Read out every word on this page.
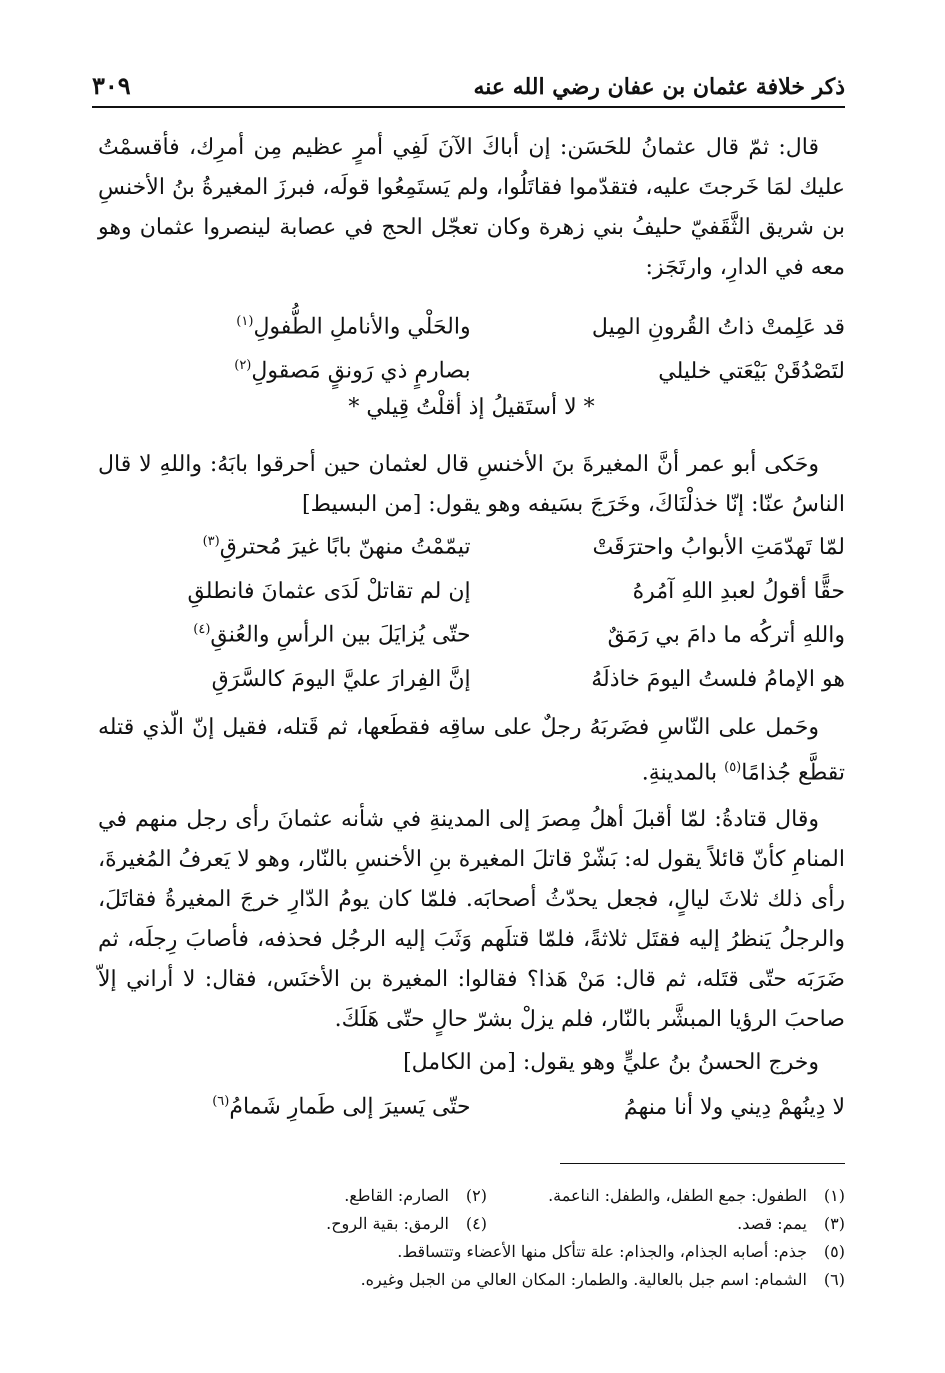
ذكر خلافة عثمان بن عفان رضي الله عنه
٣٠٩

قال: ثمّ قال عثمانُ للحَسَن: إن أباكَ الآنَ لَفِي أمرٍ عظيم مِن أمرِك، فأقسمْتُ عليك لمَا خَرجتَ عليه، فتقدّموا فقاتَلُوا، ولم يَستَمِعُوا قولَه، فبرزَ المغيرةُ بنُ الأخنسِ بن شريق الثَّقَفيّ حليفُ بني زهرة وكان تعجّل الحج في عصابة لينصروا عثمان وهو معه في الدارِ، وارتَجَز:

قد عَلِمتْ ذاتُ القُرونِ المِيل
والحَلْي والأناملِ الطُّفولِ$^{(١)}$
لتَصْدُقَنْ بَيْعَتي خليلي
بصارمٍ ذي رَونقٍ مَصقولِ$^{(٢)}$
* لا أستَقيلُ إذ أقلْتُ قِيلي *

وحَكى أبو عمر أنَّ المغيرةَ بنَ الأخنسِ قال لعثمان حين أحرقوا بابَهُ: واللهِ لا قال الناسُ عنّا: إنّا خذلْنَاكَ، وخَرَجَ بسَيفه وهو يقول: [من البسيط]

لمّا تَهدّمَتِ الأبوابُ واحترَقَتْ
تيمّمْتُ منهنّ بابًا غيرَ مُحترقِ$^{(٣)}$
حقًّا أقولُ لعبدِ اللهِ آمُرهُ
إن لم تقاتلْ لَدَى عثمانَ فانطلقِ
واللهِ أتركُه ما دامَ بي رَمَقٌ
حتّى يُزايَلَ بين الرأسِ والعُنقِ$^{(٤)}$
هو الإمامُ فلستُ اليومَ خاذلَهُ
إنَّ الفِرارَ عليَّ اليومَ كالسَّرَقِ

وحَمل على النّاسِ فضَربَهُ رجلٌ على ساقِه فقطَعها، ثم قَتله، فقيل إنّ الّذي قتله تقطَّع جُذامًا$^{(٥)}$ بالمدينةِ.

وقال قتادةُ: لمّا أقبلَ أهلُ مِصرَ إلى المدينةِ في شأنه عثمانَ رأى رجل منهم في المنامِ كأنّ قائلاً يقول له: بَشّرْ قاتلَ المغيرة بنِ الأخنسِ بالنّار، وهو لا يَعرفُ المُغيرةَ، رأى ذلك ثلاثَ ليالٍ، فجعل يحدّثُ أصحابَه. فلمّا كان يومُ الدّارِ خرجَ المغيرةُ فقاتَلَ، والرجلُ يَنظرُ إليه فقتَل ثلاثةً، فلمّا قتلَهم وَثَبَ إليه الرجُل فحذفه، فأصابَ رِجلَه، ثم ضَرَبَه حتّى قتَله، ثم قال: مَنْ هَذا؟ فقالوا: المغيرة بن الأخنَس، فقال: لا أراني إلاّ صاحبَ الرؤيا المبشَّر بالنّار، فلم يزلْ بشرّ حالٍ حتّى هَلَكَ.

وخرج الحسنُ بنُ عليٍّ وهو يقول: [من الكامل]

لا دِينُهمْ دِيني ولا أنا منهمُ
حتّى يَسيرَ إلى طَمارِ شَمامُ$^{(٦)}$
(١)
الطفول: جمع الطفل، والطفل: الناعمة.
(٢)
الصارم: القاطع.
(٣)
يمم: قصد.
(٤)
الرمق: بقية الروح.
(٥)
جذم: أصابه الجذام، والجذام: علة تتأكل منها الأعضاء وتتساقط.
(٦)
الشمام: اسم جبل بالعالية. والطمار: المكان العالي من الجبل وغيره.
